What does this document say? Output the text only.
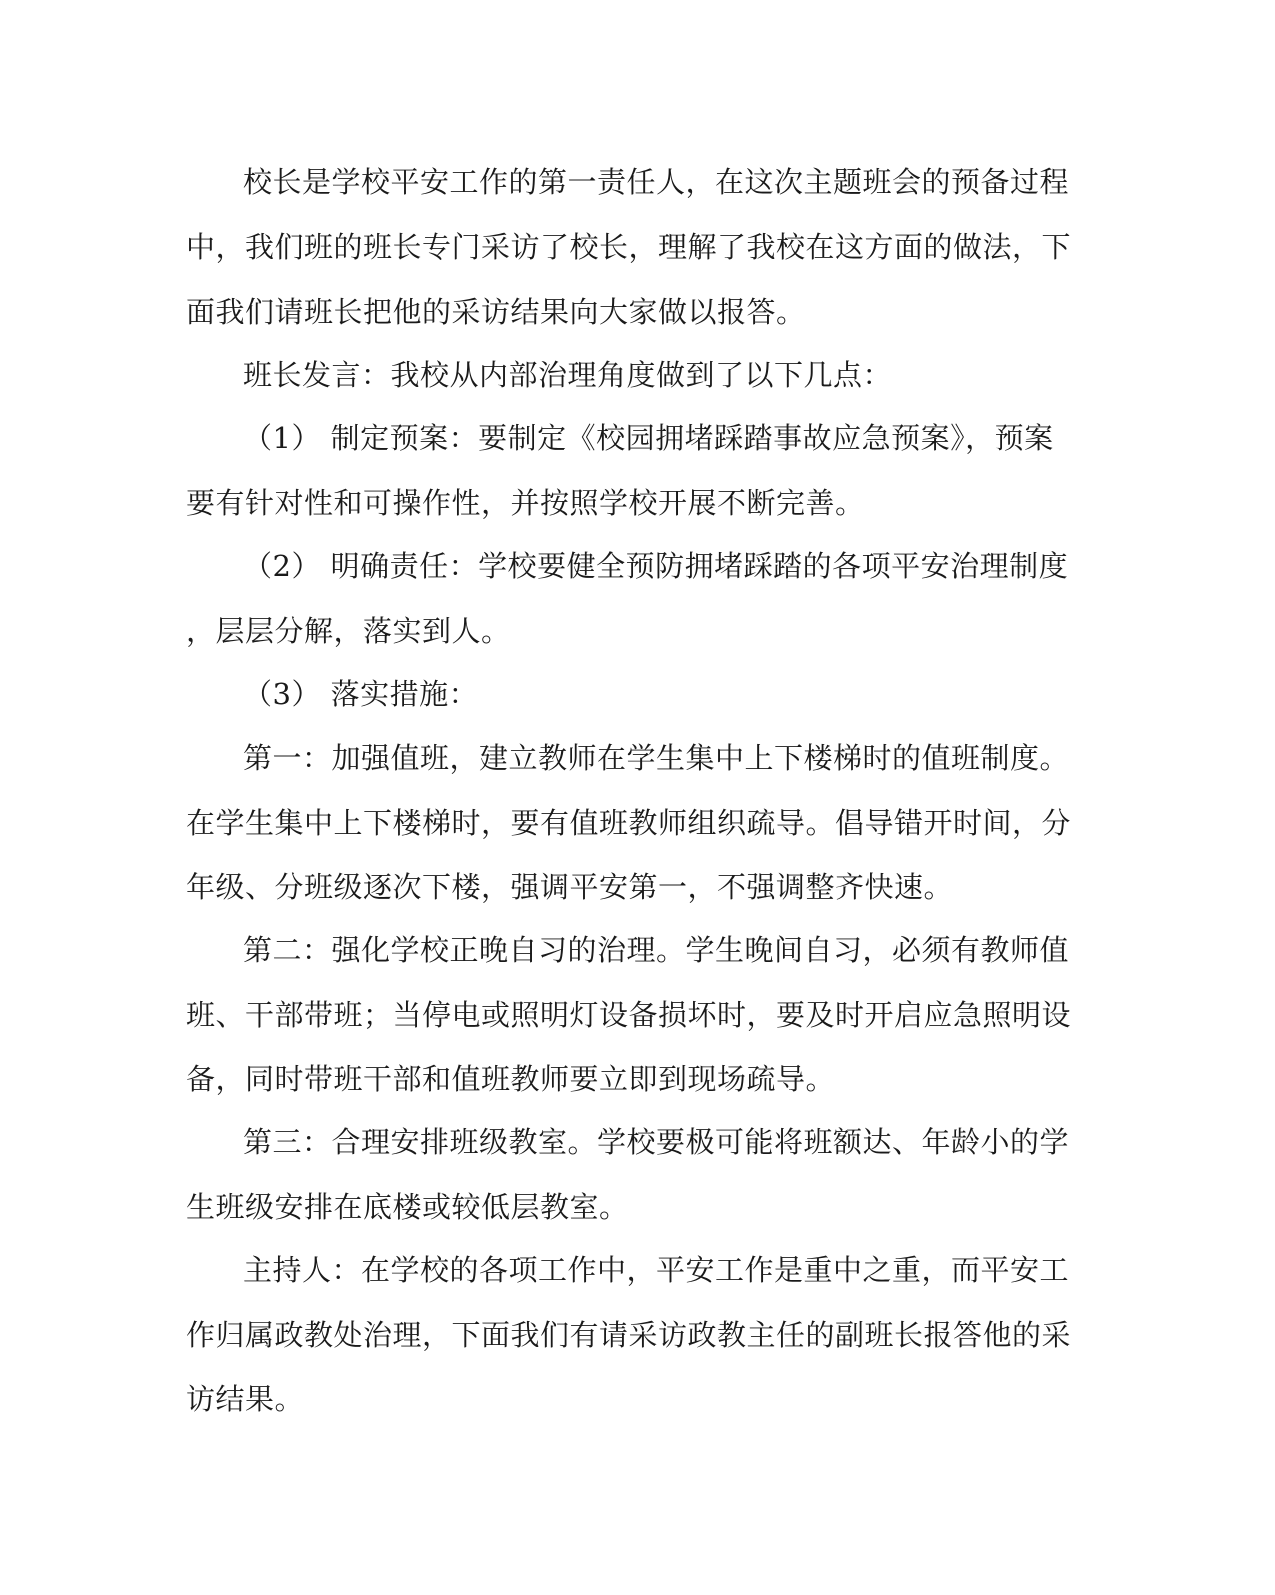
校长是学校平安工作的第一责任人，在这次主题班会的预备过程
中，我们班的班长专门采访了校长，理解了我校在这方面的做法，下
面我们请班长把他的采访结果向大家做以报答。
班长发言：我校从内部治理角度做到了以下几点：
（1） 制定预案：要制定《校园拥堵踩踏事故应急预案》，预案
要有针对性和可操作性，并按照学校开展不断完善。
（2） 明确责任：学校要健全预防拥堵踩踏的各项平安治理制度
，层层分解，落实到人。
（3） 落实措施：
第一：加强值班，建立教师在学生集中上下楼梯时的值班制度。
在学生集中上下楼梯时，要有值班教师组织疏导。倡导错开时间，分
年级、分班级逐次下楼，强调平安第一，不强调整齐快速。
第二：强化学校正晚自习的治理。学生晚间自习，必须有教师值
班、干部带班；当停电或照明灯设备损坏时，要及时开启应急照明设
备，同时带班干部和值班教师要立即到现场疏导。
第三：合理安排班级教室。学校要极可能将班额达、年龄小的学
生班级安排在底楼或较低层教室。
主持人：在学校的各项工作中，平安工作是重中之重，而平安工
作归属政教处治理，下面我们有请采访政教主任的副班长报答他的采
访结果。
